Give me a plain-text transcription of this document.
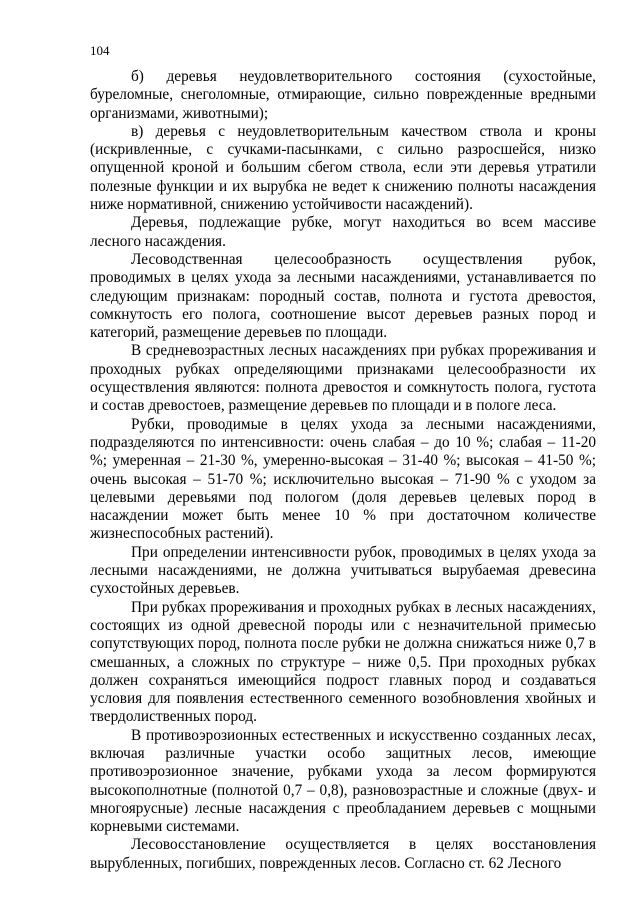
104

б) деревья неудовлетворительного состояния (сухостойные, буреломные, снеголомные, отмирающие, сильно поврежденные вредными организмами, животными);

в) деревья с неудовлетворительным качеством ствола и кроны (искривленные, с сучками-пасынками, с сильно разросшейся, низко опущенной кроной и большим сбегом ствола, если эти деревья утратили полезные функции и их вырубка не ведет к снижению полноты насаждения ниже нормативной, снижению устойчивости насаждений).

Деревья, подлежащие рубке, могут находиться во всем массиве лесного насаждения.

Лесоводственная целесообразность осуществления рубок, проводимых в целях ухода за лесными насаждениями, устанавливается по следующим признакам: породный состав, полнота и густота древостоя, сомкнутость его полога, соотношение высот деревьев разных пород и категорий, размещение деревьев по площади.

В средневозрастных лесных насаждениях при рубках прореживания и проходных рубках определяющими признаками целесообразности их осуществления являются: полнота древостоя и сомкнутость полога, густота и состав древостоев, размещение деревьев по площади и в пологе леса.

Рубки, проводимые в целях ухода за лесными насаждениями, подразделяются по интенсивности: очень слабая – до 10 %; слабая – 11-20 %; умеренная – 21-30 %, умеренно-высокая – 31-40 %; высокая – 41-50 %; очень высокая – 51-70 %; исключительно высокая – 71-90 % с уходом за целевыми деревьями под пологом (доля деревьев целевых пород в насаждении может быть менее 10 % при достаточном количестве жизнеспособных растений).

При определении интенсивности рубок, проводимых в целях ухода за лесными насаждениями, не должна учитываться вырубаемая древесина сухостойных деревьев.

При рубках прореживания и проходных рубках в лесных насаждениях, состоящих из одной древесной породы или с незначительной примесью сопутствующих пород, полнота после рубки не должна снижаться ниже 0,7 в смешанных, а сложных по структуре – ниже 0,5. При проходных рубках должен сохраняться имеющийся подрост главных пород и создаваться условия для появления естественного семенного возобновления хвойных и твердолиственных пород.

В противоэрозионных естественных и искусственно созданных лесах, включая различные участки особо защитных лесов, имеющие противоэрозионное значение, рубками ухода за лесом формируются высокополнотные (полнотой 0,7 – 0,8), разновозрастные и сложные (двух- и многоярусные) лесные насаждения с преобладанием деревьев с мощными корневыми системами.

Лесовосстановление осуществляется в целях восстановления вырубленных, погибших, поврежденных лесов. Согласно ст. 62 Лесного
